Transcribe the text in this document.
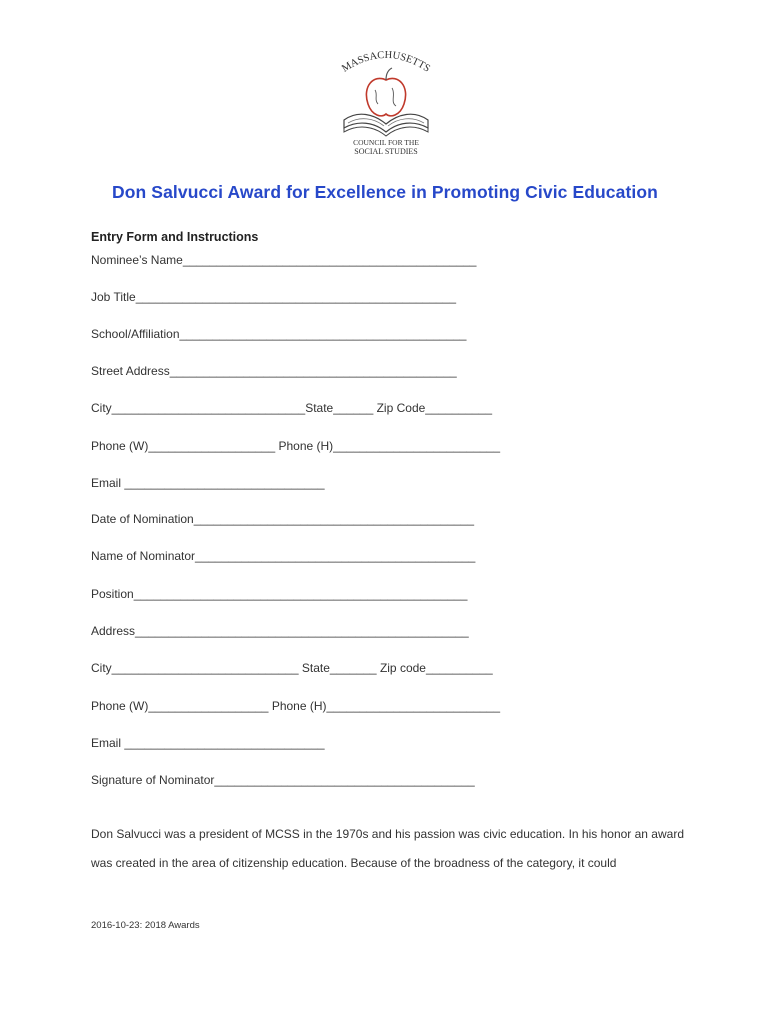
MASSACHUSETTS
COUNCIL FOR THE
SOCIAL STUDIES
Don Salvucci Award for Excellence in Promoting Civic Education
Entry Form and Instructions
Nominee’s Name____________________________________________
Job Title________________________________________________
School/Affiliation___________________________________________
Street Address___________________________________________
City_____________________________State______ Zip Code__________
Phone (W)___________________ Phone (H)_________________________
Email ______________________________
Date of Nomination__________________________________________
Name of Nominator__________________________________________
Position__________________________________________________
Address__________________________________________________
City____________________________ State_______ Zip code__________
Phone (W)__________________ Phone (H)__________________________
Email ______________________________
Signature of Nominator_______________________________________
Don Salvucci was a president of MCSS in the 1970s and his passion was civic education. In his honor an award was created in the area of citizenship education. Because of the broadness of the category, it could
2016-10-23: 2018 Awards
